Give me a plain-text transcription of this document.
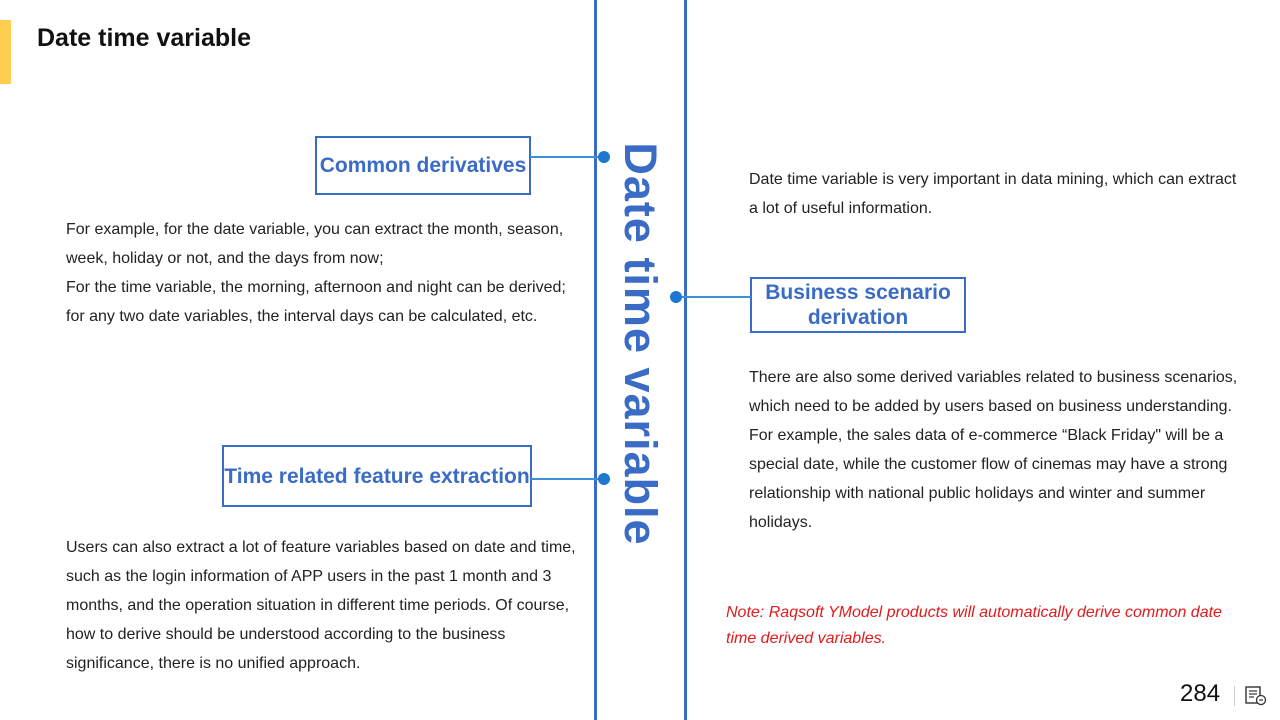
Date time variable
Date time variable
Common derivatives

For example, for the date variable, you can extract the month, season, week, holiday or not, and the days from now;

For the time variable, the morning, afternoon and night can be derived; for any two date variables, the interval days can be calculated, etc.

Time related feature extraction
Users can also extract a lot of feature variables based on date and time, such as the login information of APP users in the past 1 month and 3 months, and the operation situation in different time periods. Of course, how to derive should be understood according to the business significance, there is no unified approach.
Date time variable is very important in data mining, which can extract a lot of useful information.
Business scenario derivation
There are also some derived variables related to business scenarios, which need to be added by users based on business understanding. For example, the sales data of e-commerce “Black Friday" will be a special date, while the customer flow of cinemas may have a strong relationship with national public holidays and winter and summer holidays.
Note: Raqsoft YModel products will automatically derive common date time derived variables.
284
